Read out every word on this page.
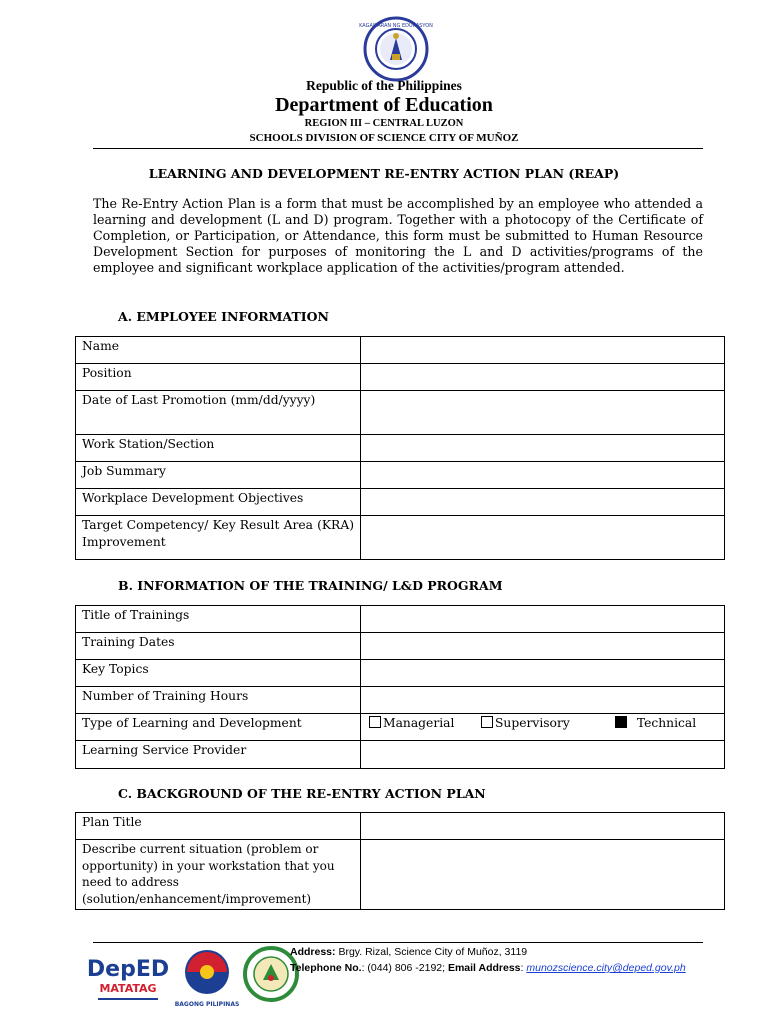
KAGAWARAN NG EDUKASYON
Republic of the Philippines
Department of Education
REGION III – CENTRAL LUZON
SCHOOLS DIVISION OF SCIENCE CITY OF MUÑOZ
LEARNING AND DEVELOPMENT RE-ENTRY ACTION PLAN (REAP)
The Re-Entry Action Plan is a form that must be accomplished by an employee who attended a learning and development (L and D) program. Together with a photocopy of the Certificate of Completion, or Participation, or Attendance, this form must be submitted to Human Resource Development Section for purposes of monitoring the L and D activities/programs of the employee and significant workplace application of the activities/program attended.
A. EMPLOYEE INFORMATION
Name	
Position	
Date of Last Promotion (mm/dd/yyyy)	
Work Station/Section	
Job Summary	
Workplace Development Objectives	
Target Competency/ Key Result Area (KRA) Improvement	
B. INFORMATION OF THE TRAINING/ L&D PROGRAM
Title of Trainings	
Training Dates	
Key Topics	
Number of Training Hours	
Type of Learning and Development	Managerial Supervisory Technical

Learning Service Provider	
C. BACKGROUND OF THE RE-ENTRY ACTION PLAN
Plan Title	
Describe current situation (problem or opportunity) in your workstation that you need to address (solution/enhancement/improvement)	
DepED
MATATAG
BAGONG PILIPINAS
Address: Brgy. Rizal, Science City of Muñoz, 3119
Telephone No.: (044) 806 -2192; Email Address: munozscience.city@deped.gov.ph
